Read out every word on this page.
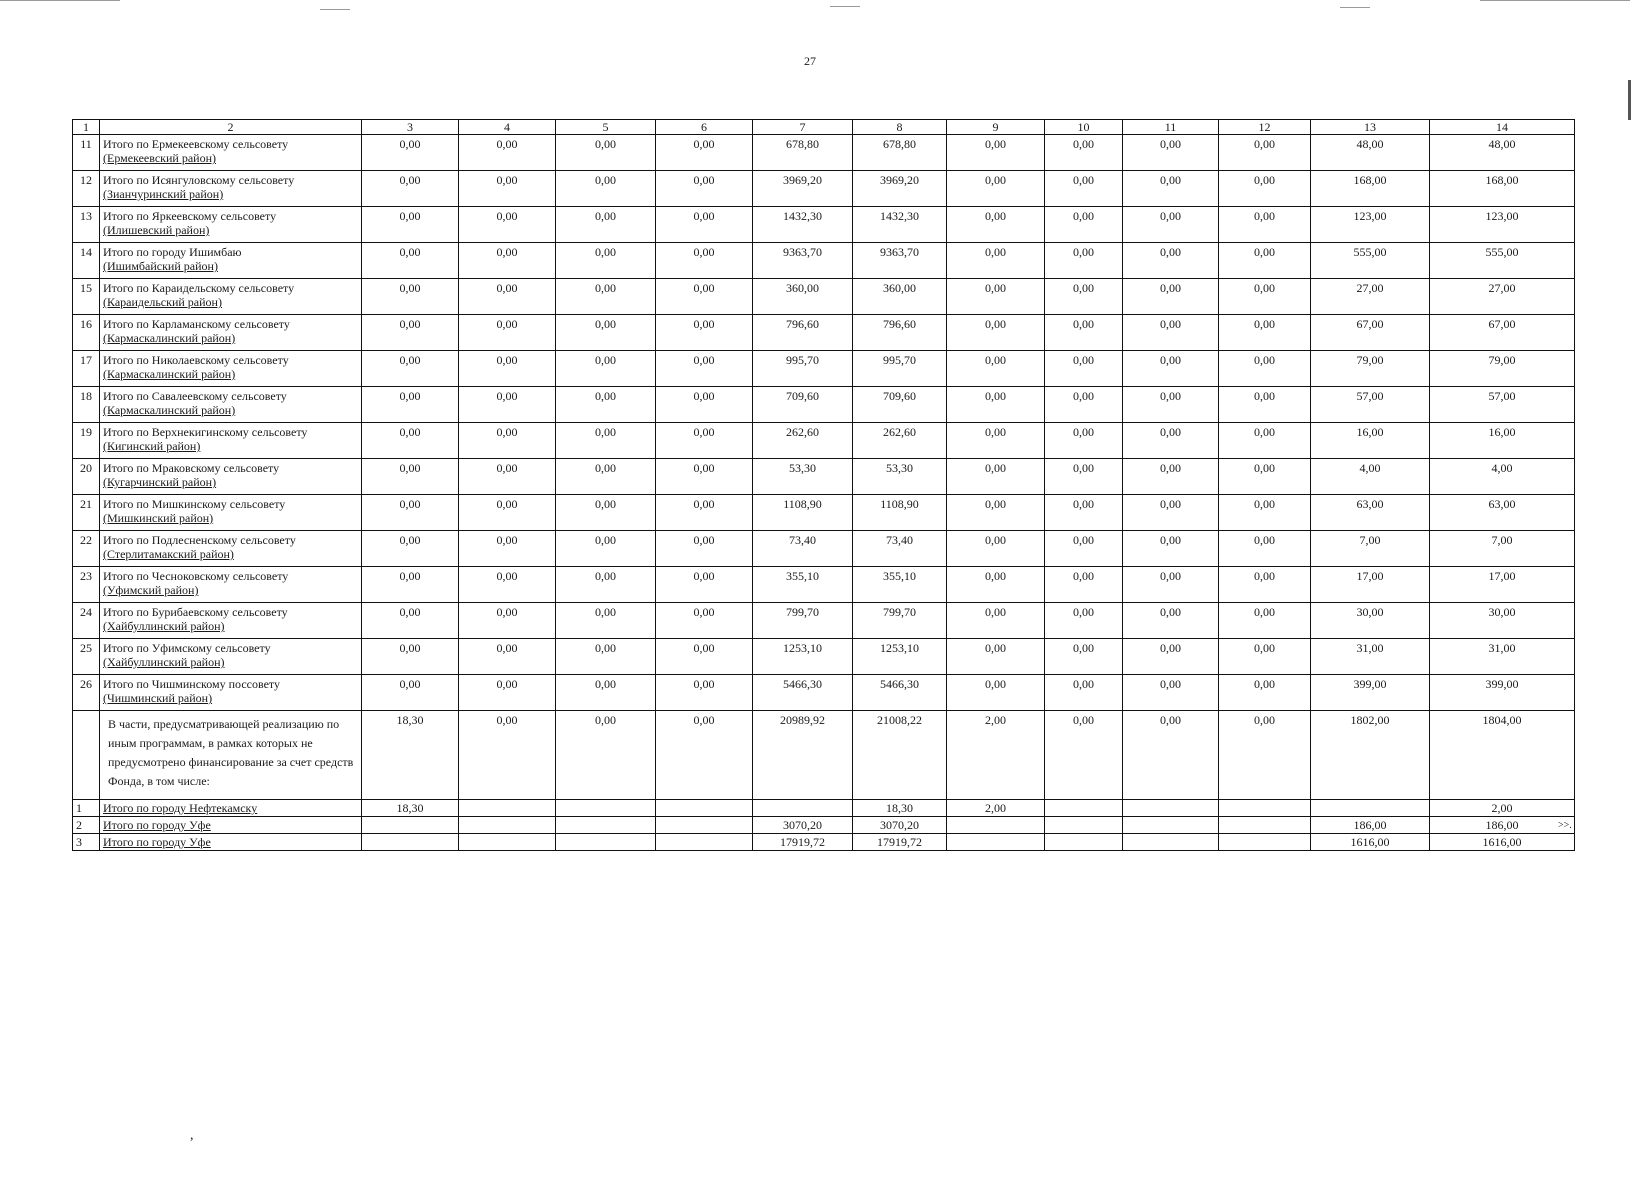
27
1	2	3	4	5	6	7	8	9	10	11	12	13	14
11	Итого по Ермекеевскому сельсовету
(Ермекеевский район)	0,00	0,00	0,00	0,00	678,80	678,80	0,00	0,00	0,00	0,00	48,00	48,00
12	Итого по Исянгуловскому сельсовету
(Зианчуринский район)	0,00	0,00	0,00	0,00	3969,20	3969,20	0,00	0,00	0,00	0,00	168,00	168,00
13	Итого по Яркеевскому сельсовету
(Илишевский район)	0,00	0,00	0,00	0,00	1432,30	1432,30	0,00	0,00	0,00	0,00	123,00	123,00
14	Итого по городу Ишимбаю
(Ишимбайский район)	0,00	0,00	0,00	0,00	9363,70	9363,70	0,00	0,00	0,00	0,00	555,00	555,00
15	Итого по Караидельскому сельсовету
(Караидельский район)	0,00	0,00	0,00	0,00	360,00	360,00	0,00	0,00	0,00	0,00	27,00	27,00
16	Итого по Карламанскому сельсовету
(Кармаскалинский район)	0,00	0,00	0,00	0,00	796,60	796,60	0,00	0,00	0,00	0,00	67,00	67,00
17	Итого по Николаевскому сельсовету
(Кармаскалинский район)	0,00	0,00	0,00	0,00	995,70	995,70	0,00	0,00	0,00	0,00	79,00	79,00
18	Итого по Савалеевскому сельсовету
(Кармаскалинский район)	0,00	0,00	0,00	0,00	709,60	709,60	0,00	0,00	0,00	0,00	57,00	57,00
19	Итого по Верхнекигинскому сельсовету
(Кигинский район)	0,00	0,00	0,00	0,00	262,60	262,60	0,00	0,00	0,00	0,00	16,00	16,00
20	Итого по Мраковскому сельсовету
(Кугарчинский район)	0,00	0,00	0,00	0,00	53,30	53,30	0,00	0,00	0,00	0,00	4,00	4,00
21	Итого по Мишкинскому сельсовету
(Мишкинский район)	0,00	0,00	0,00	0,00	1108,90	1108,90	0,00	0,00	0,00	0,00	63,00	63,00
22	Итого по Подлесненскому сельсовету
(Стерлитамакский район)	0,00	0,00	0,00	0,00	73,40	73,40	0,00	0,00	0,00	0,00	7,00	7,00
23	Итого по Чесноковскому сельсовету
(Уфимский район)	0,00	0,00	0,00	0,00	355,10	355,10	0,00	0,00	0,00	0,00	17,00	17,00
24	Итого по Бурибаевскому сельсовету
(Хайбуллинский район)	0,00	0,00	0,00	0,00	799,70	799,70	0,00	0,00	0,00	0,00	30,00	30,00
25	Итого по Уфимскому сельсовету
(Хайбуллинский район)	0,00	0,00	0,00	0,00	1253,10	1253,10	0,00	0,00	0,00	0,00	31,00	31,00
26	Итого по Чишминскому поссовету
(Чишминский район)	0,00	0,00	0,00	0,00	5466,30	5466,30	0,00	0,00	0,00	0,00	399,00	399,00
	В части, предусматривающей реализацию по иным программам, в рамках которых не предусмотрено финансирование за счет средств Фонда, в том числе:	18,30	0,00	0,00	0,00	20989,92	21008,22	2,00	0,00	0,00	0,00	1802,00	1804,00
1	Итого по городу Нефтекамску	18,30					18,30	2,00					2,00
2	Итого по городу Уфе					3070,20	3070,20					186,00	186,00
3	Итого по городу Уфе					17919,72	17919,72					1616,00	1616,00
>>.
,
